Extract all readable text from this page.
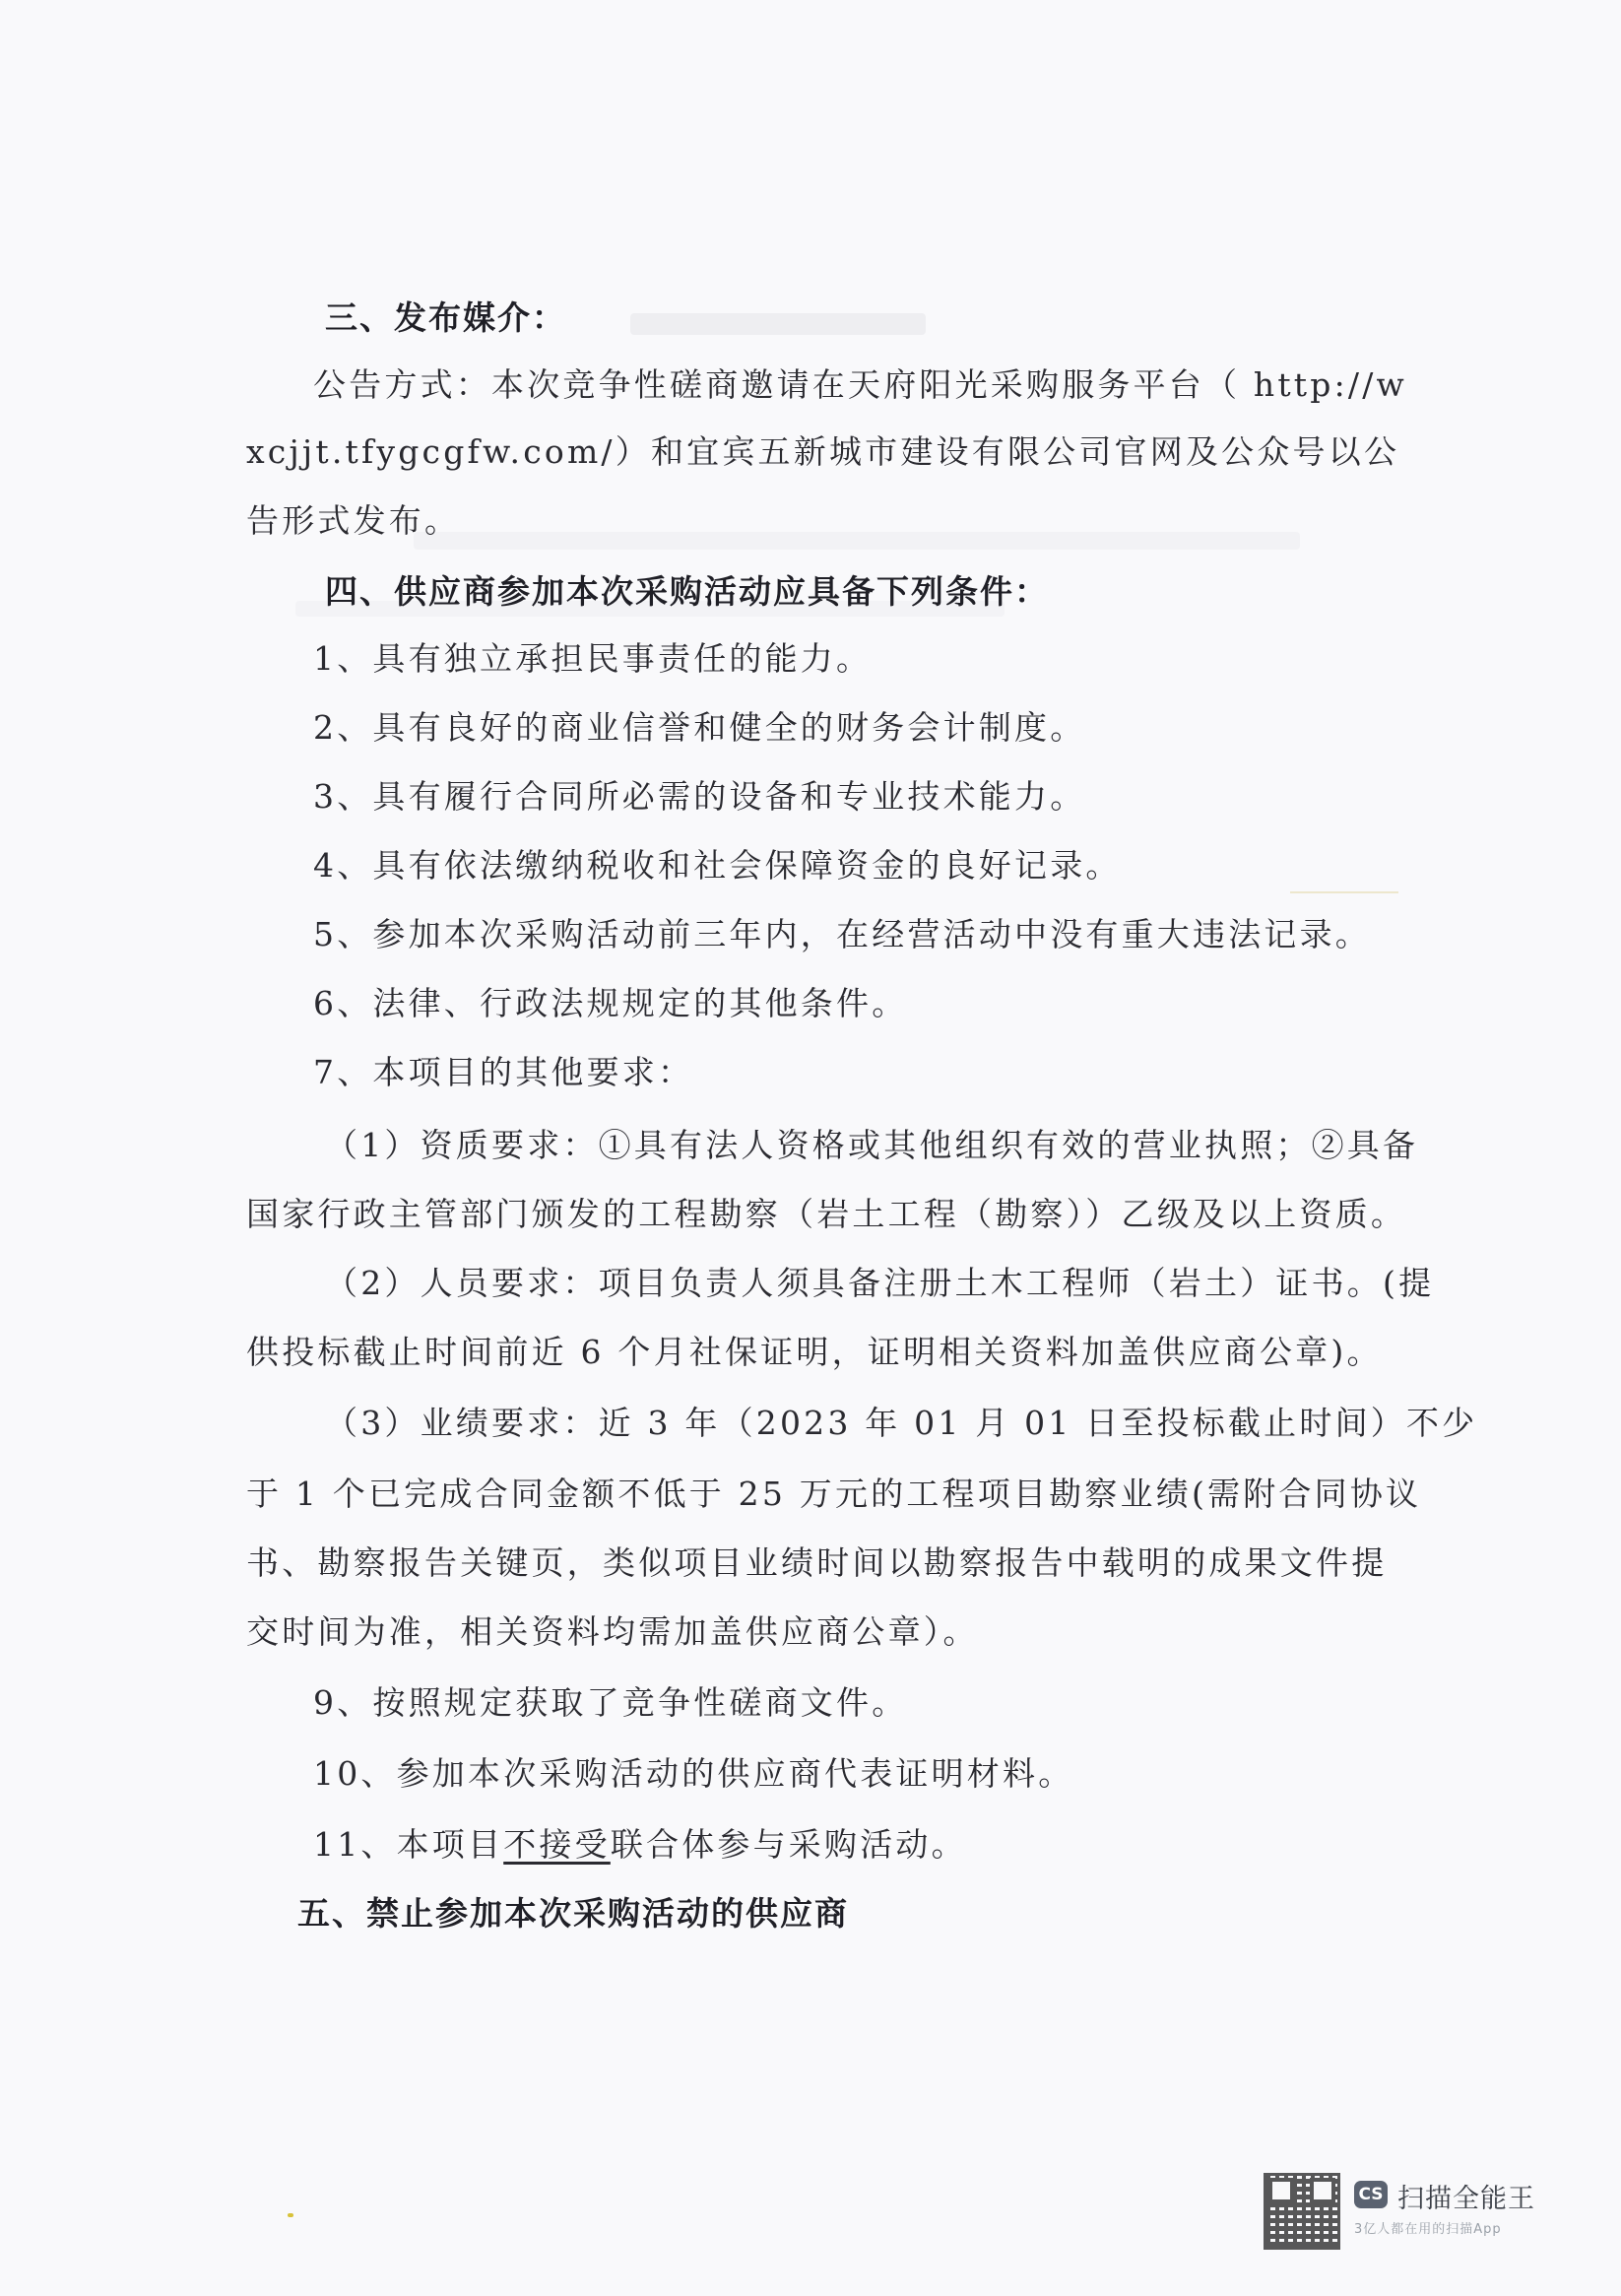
三、发布媒介：
公告方式：本次竞争性磋商邀请在天府阳光采购服务平台（ http://w
xcjjt.tfygcgfw.com/）和宜宾五新城市建设有限公司官网及公众号以公
告形式发布。
四、供应商参加本次采购活动应具备下列条件：
1、具有独立承担民事责任的能力。
2、具有良好的商业信誉和健全的财务会计制度。
3、具有履行合同所必需的设备和专业技术能力。
4、具有依法缴纳税收和社会保障资金的良好记录。
5、参加本次采购活动前三年内，在经营活动中没有重大违法记录。
6、法律、行政法规规定的其他条件。
7、本项目的其他要求：
（1）资质要求：①具有法人资格或其他组织有效的营业执照；②具备
国家行政主管部门颁发的工程勘察（岩土工程（勘察））乙级及以上资质。
（2）人员要求：项目负责人须具备注册土木工程师（岩土）证书。(提
供投标截止时间前近 6 个月社保证明，证明相关资料加盖供应商公章)。
（3）业绩要求：近 3 年（2023 年 01 月 01 日至投标截止时间）不少
于 1 个已完成合同金额不低于 25 万元的工程项目勘察业绩(需附合同协议
书、勘察报告关键页，类似项目业绩时间以勘察报告中载明的成果文件提
交时间为准，相关资料均需加盖供应商公章）。
9、按照规定获取了竞争性磋商文件。
10、参加本次采购活动的供应商代表证明材料。
11、本项目不接受联合体参与采购活动。
五、禁止参加本次采购活动的供应商
CS 扫描全能王
3亿人都在用的扫描App
